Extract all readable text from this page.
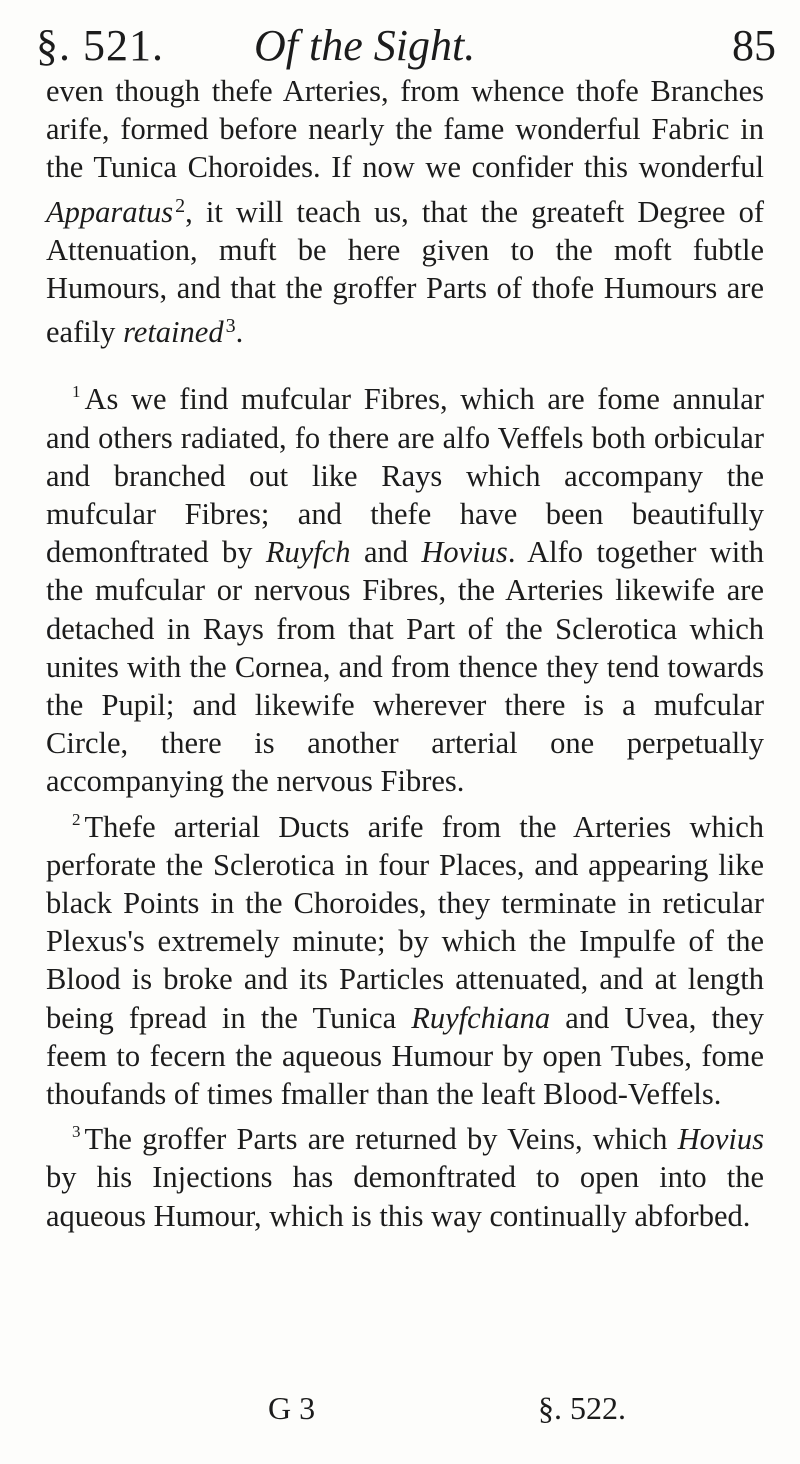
§. 521. Of the Sight.	85

even though thefe Arteries, from whence thofe Branches arife, formed before nearly the fame wonderful Fabric in the Tunica Choroides. If now we confider this wonderful Apparatus $^2$, it will teach us, that the greateft Degree of Attenuation, muft be here given to the moft fubtle Humours, and that the groffer Parts of thofe Humours are eafily retained $^3$.

$^1$ As we find mufcular Fibres, which are fome annular and others radiated, fo there are alfo Veffels both orbicular and branched out like Rays which accompany the mufcular Fibres; and thefe have been beautifully demonftrated by Ruyfch and Hovius. Alfo together with the mufcular or nervous Fibres, the Arteries likewife are detached in Rays from that Part of the Sclerotica which unites with the Cornea, and from thence they tend towards the Pupil; and likewife wherever there is a mufcular Circle, there is another arterial one perpetually accompanying the nervous Fibres.

$^2$ Thefe arterial Ducts arife from the Arteries which perforate the Sclerotica in four Places, and appearing like black Points in the Choroides, they terminate in reticular Plexus's extremely minute; by which the Impulfe of the Blood is broke and its Particles attenuated, and at length being fpread in the Tunica Ruyfchiana and Uvea, they feem to fecern the aqueous Humour by open Tubes, fome thoufands of times fmaller than the leaft Blood-Veffels.

$^3$ The groffer Parts are returned by Veins, which Hovius by his Injections has demonftrated to open into the aqueous Humour, which is this way continually abforbed.

G 3	§. 522.
